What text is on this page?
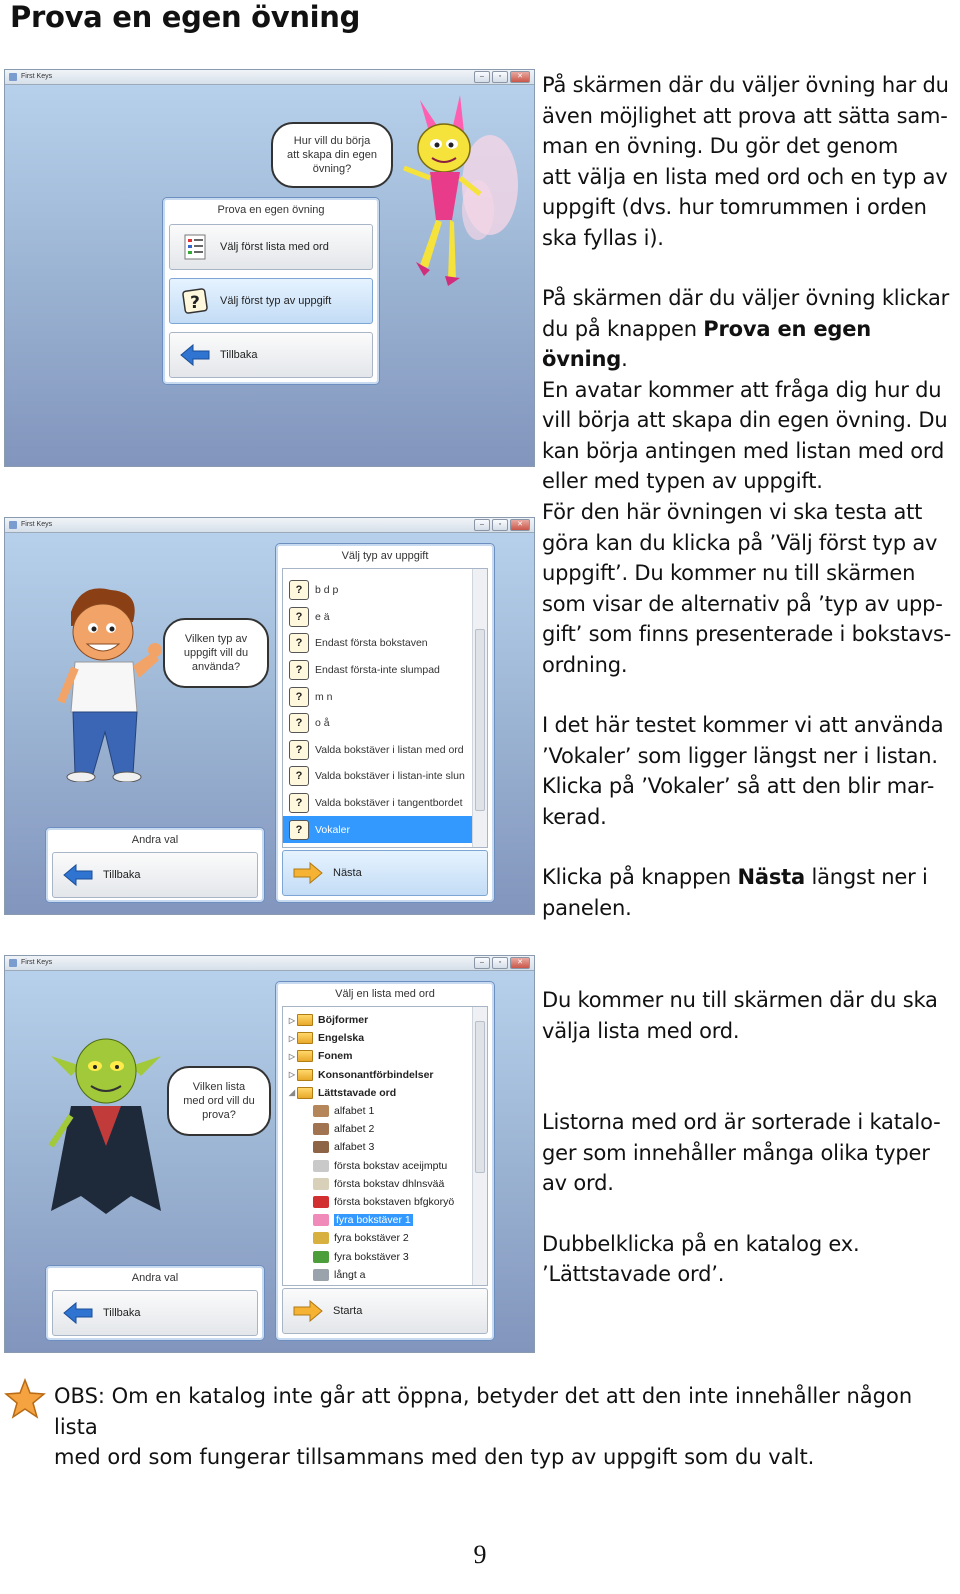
Prova en egen övning
First Keys	–	▫	✕
Hur vill du börja att skapa din egen övning?
Prova en egen övning
Välj först lista med ord
? Välj först typ av uppgift
Tillbaka

På skärmen där du väljer övning har du
även möjlighet att prova att sätta sam-
man en övning. Du gör det genom
att välja en lista med ord och en typ av
uppgift (dvs. hur tomrummen i orden
ska fyllas i).

På skärmen där du väljer övning klickar
du på knappen Prova en egen övning.
En avatar kommer att fråga dig hur du
vill börja att skapa din egen övning. Du
kan börja antingen med listan med ord
eller med typen av uppgift.

First Keys	–	▫	✕
Vilken typ av uppgift vill du använda?
Andra val
Tillbaka
Välj typ av uppgift
?	b d p
?	e ä
?	Endast första bokstaven
?	Endast första-inte slumpad
?	m n
?	o å
?	Valda bokstäver i listan med ord
?	Valda bokstäver i listan-inte slun
?	Valda bokstäver i tangentbordet
?	Vokaler
Nästa

För den här övningen vi ska testa att
göra kan du klicka på ’Välj först typ av
uppgift’. Du kommer nu till skärmen
som visar de alternativ på ’typ av upp-
gift’ som finns presenterade i bokstavs-
ordning.

I det här testet kommer vi att använda
’Vokaler’ som ligger längst ner i listan.
Klicka på ’Vokaler’ så att den blir mar-
kerad.

Klicka på knappen Nästa längst ner i
panelen.

First Keys	–	▫	✕
Vilken lista med ord vill du prova?
Andra val
Tillbaka
Välj en lista med ord
▷ Böjformer
▷ Engelska
▷ Fonem
▷ Konsonantförbindelser
◢ Lättstavade ord
alfabet 1
alfabet 2
alfabet 3
första bokstav aceijmptu
första bokstav dhlnsvää
första bokstaven bfgkoryö
fyra bokstäver 1
fyra bokstäver 2
fyra bokstäver 3
långt a
Starta

Du kommer nu till skärmen där du ska
välja lista med ord.

Listorna med ord är sorterade i katalo-
ger som innehåller många olika typer
av ord.

Dubbelklicka på en katalog ex.
’Lättstavade ord’.

OBS: Om en katalog inte går att öppna, betyder det att den inte innehåller någon lista
med ord som fungerar tillsammans med den typ av uppgift som du valt.
9
